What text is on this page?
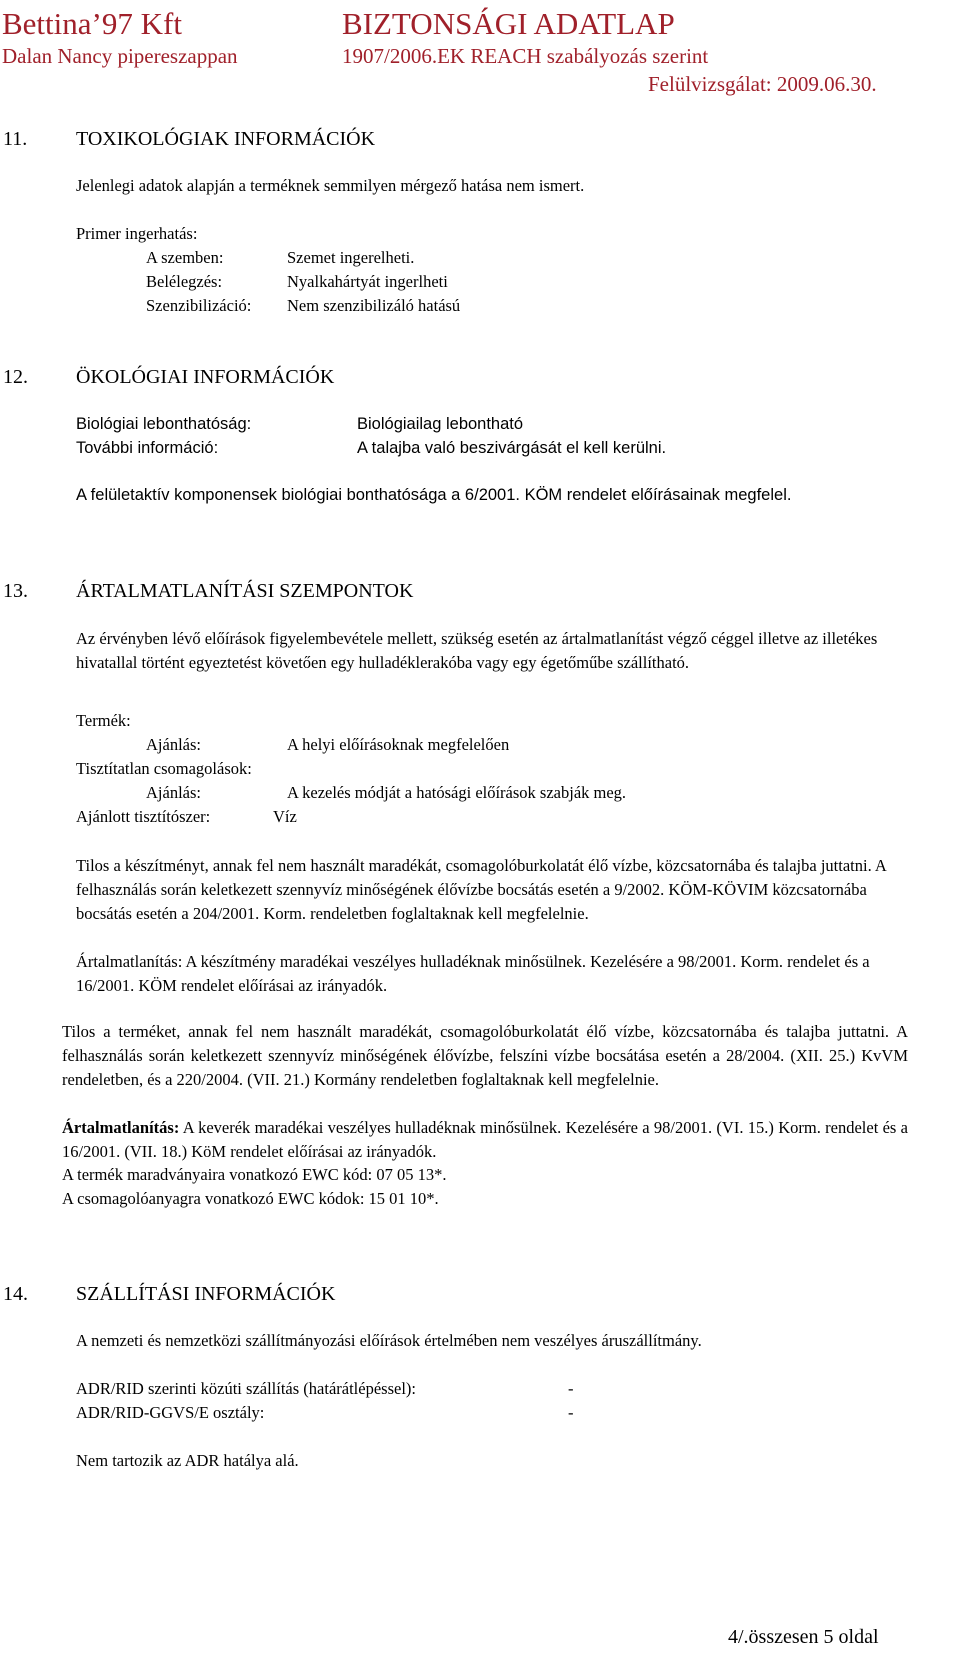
Bettina’97 Kft	BIZTONSÁGI ADATLAP
Dalan Nancy pipereszappan	1907/2006.EK REACH szabályozás szerint
Felülvizsgálat: 2009.06.30.
11. TOXIKOLÓGIAK INFORMÁCIÓK
Jelenlegi adatok alapján a terméknek semmilyen mérgező hatása nem ismert.
Primer ingerhatás:
A szemben:	Szemet ingerelheti.
Belélegzés:	Nyalkahártyát ingerlheti
Szenzibilizáció: Nem szenzibilizáló hatású
12. ÖKOLÓGIAI INFORMÁCIÓK
Biológiai lebonthatóság:	Biológiailag lebontható
További információ:	A talajba való beszivárgását el kell kerülni.
A felületaktív komponensek biológiai bonthatósága a 6/2001. KÖM rendelet előírásainak megfelel.
13. ÁRTALMATLANÍTÁSI SZEMPONTOK
Az érvényben lévő előírások figyelembevétele mellett, szükség esetén az ártalmatlanítást végző céggel illetve az illetékes hivatallal történt egyeztetést követően egy hulladéklerakóba vagy egy égetőműbe szállítható.
Termék:
Ajánlás:	A helyi előírásoknak megfelelően
Tisztítatlan csomagolások:
Ajánlás:	A kezelés módját a hatósági előírások szabják meg.
Ajánlott tisztítószer:	Víz
Tilos a készítményt, annak fel nem használt maradékát, csomagolóburkolatát élő vízbe, közcsatornába és talajba juttatni. A felhasználás során keletkezett szennyvíz minőségének élővízbe bocsátás esetén a 9/2002. KÖM-KÖVIM közcsatornába bocsátás esetén a 204/2001. Korm. rendeletben foglaltaknak kell megfelelnie.
Ártalmatlanítás: A készítmény maradékai veszélyes hulladéknak minősülnek. Kezelésére a 98/2001. Korm. rendelet és a 16/2001. KÖM rendelet előírásai az irányadók.
Tilos a terméket, annak fel nem használt maradékát, csomagolóburkolatát élő vízbe, közcsatornába és talajba juttatni. A felhasználás során keletkezett szennyvíz minőségének élővízbe, felszíni vízbe bocsátása esetén a 28/2004. (XII. 25.) KvVM rendeletben, és a 220/2004. (VII. 21.) Kormány rendeletben foglaltaknak kell megfelelnie.
Ártalmatlanítás: A keverék maradékai veszélyes hulladéknak minősülnek. Kezelésére a 98/2001. (VI. 15.) Korm. rendelet és a 16/2001. (VII. 18.) KöM rendelet előírásai az irányadók.
A termék maradványaira vonatkozó EWC kód: 07 05 13*.
A csomagolóanyagra vonatkozó EWC kódok: 15 01 10*.
14. SZÁLLÍTÁSI INFORMÁCIÓK
A nemzeti és nemzetközi szállítmányozási előírások értelmében nem veszélyes áruszállítmány.
ADR/RID szerinti közúti szállítás (határátlépéssel):	-
ADR/RID-GGVS/E osztály:	-
Nem tartozik az ADR hatálya alá.
4/.összesen 5 oldal
